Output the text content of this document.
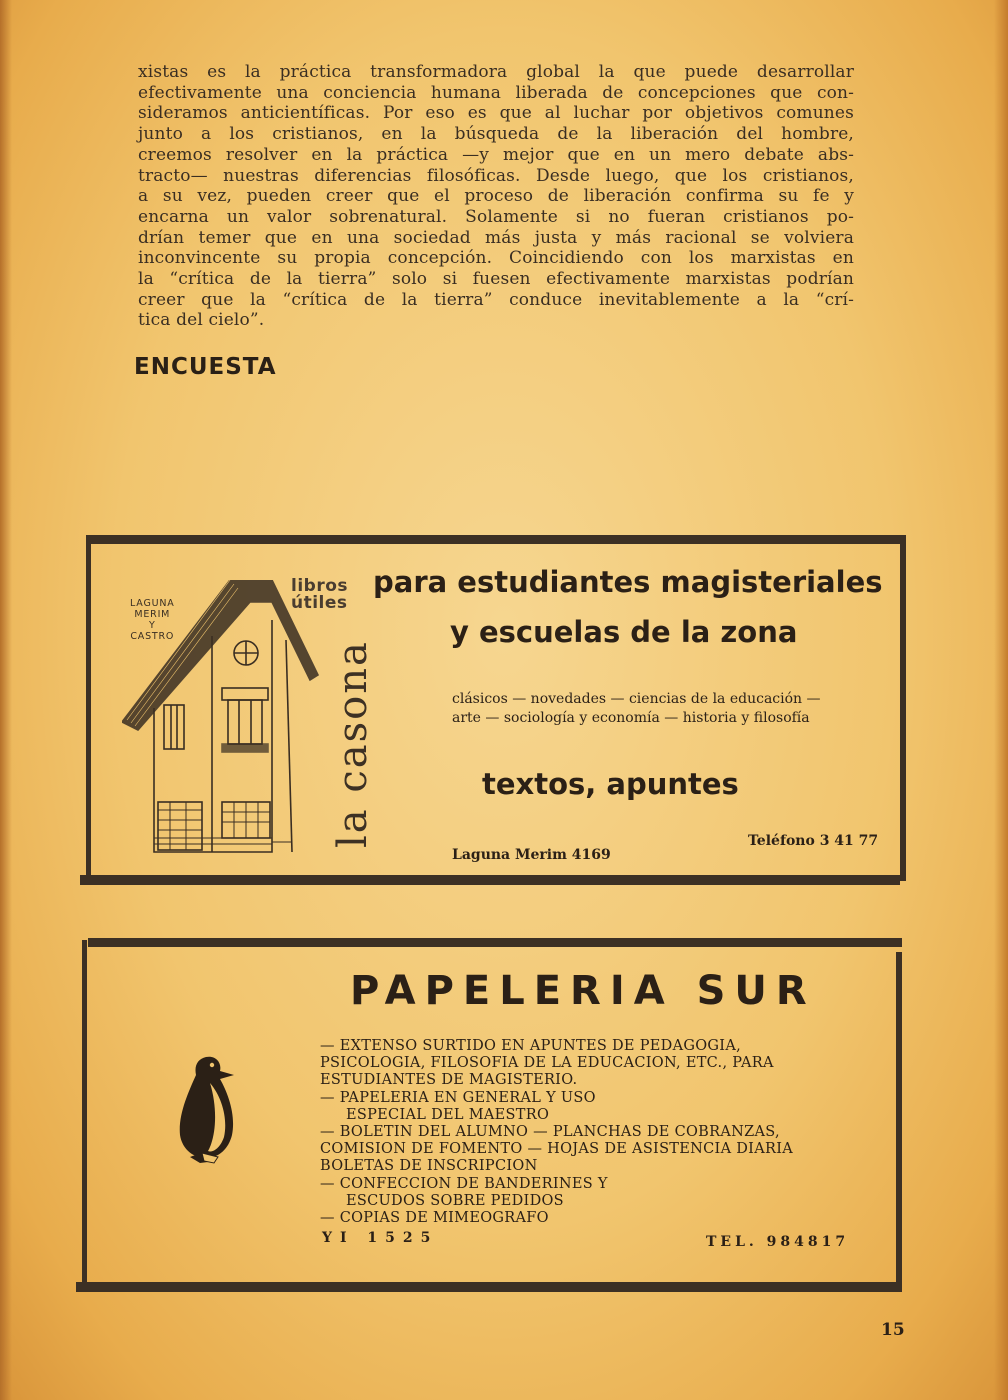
xistas es la práctica transformadora global la que puede desarrollar
efectivamente una conciencia humana liberada de concepciones que con-
sideramos anticientíficas. Por eso es que al luchar por objetivos comunes
junto a los cristianos, en la búsqueda de la liberación del hombre,
creemos resolver en la práctica —y mejor que en un mero debate abs-
tracto— nuestras diferencias filosóficas. Desde luego, que los cristianos,
a su vez, pueden creer que el proceso de liberación confirma su fe y
encarna un valor sobrenatural. Solamente si no fueran cristianos po-
drían temer que en una sociedad más justa y más racional se volviera
inconvincente su propia concepción. Coincidiendo con los marxistas en
la “crítica de la tierra” solo si fuesen efectivamente marxistas podrían
creer que la “crítica de la tierra” conduce inevitablemente a la “crí-
tica del cielo”.
ENCUESTA
LAGUNA
MERIM
Y
CASTRO
libros
útiles
la casona
para estudiantes magisteriales
y escuelas de la zona
clásicos — novedades — ciencias de la educación —
arte — sociología y economía — historia y filosofía
textos, apuntes
Teléfono 3 41 77
Laguna Merim 4169
PAPELERIA SUR
— EXTENSO SURTIDO EN APUNTES DE PEDAGOGIA,
PSICOLOGIA, FILOSOFIA DE LA EDUCACION, ETC., PARA
ESTUDIANTES DE MAGISTERIO.
— PAPELERIA EN GENERAL Y USO
ESPECIAL DEL MAESTRO
— BOLETIN DEL ALUMNO — PLANCHAS DE COBRANZAS,
COMISION DE FOMENTO — HOJAS DE ASISTENCIA DIARIA
BOLETAS DE INSCRIPCION
— CONFECCION DE BANDERINES Y
ESCUDOS SOBRE PEDIDOS
— COPIAS DE MIMEOGRAFO
YI 1525	TEL. 984817
15
